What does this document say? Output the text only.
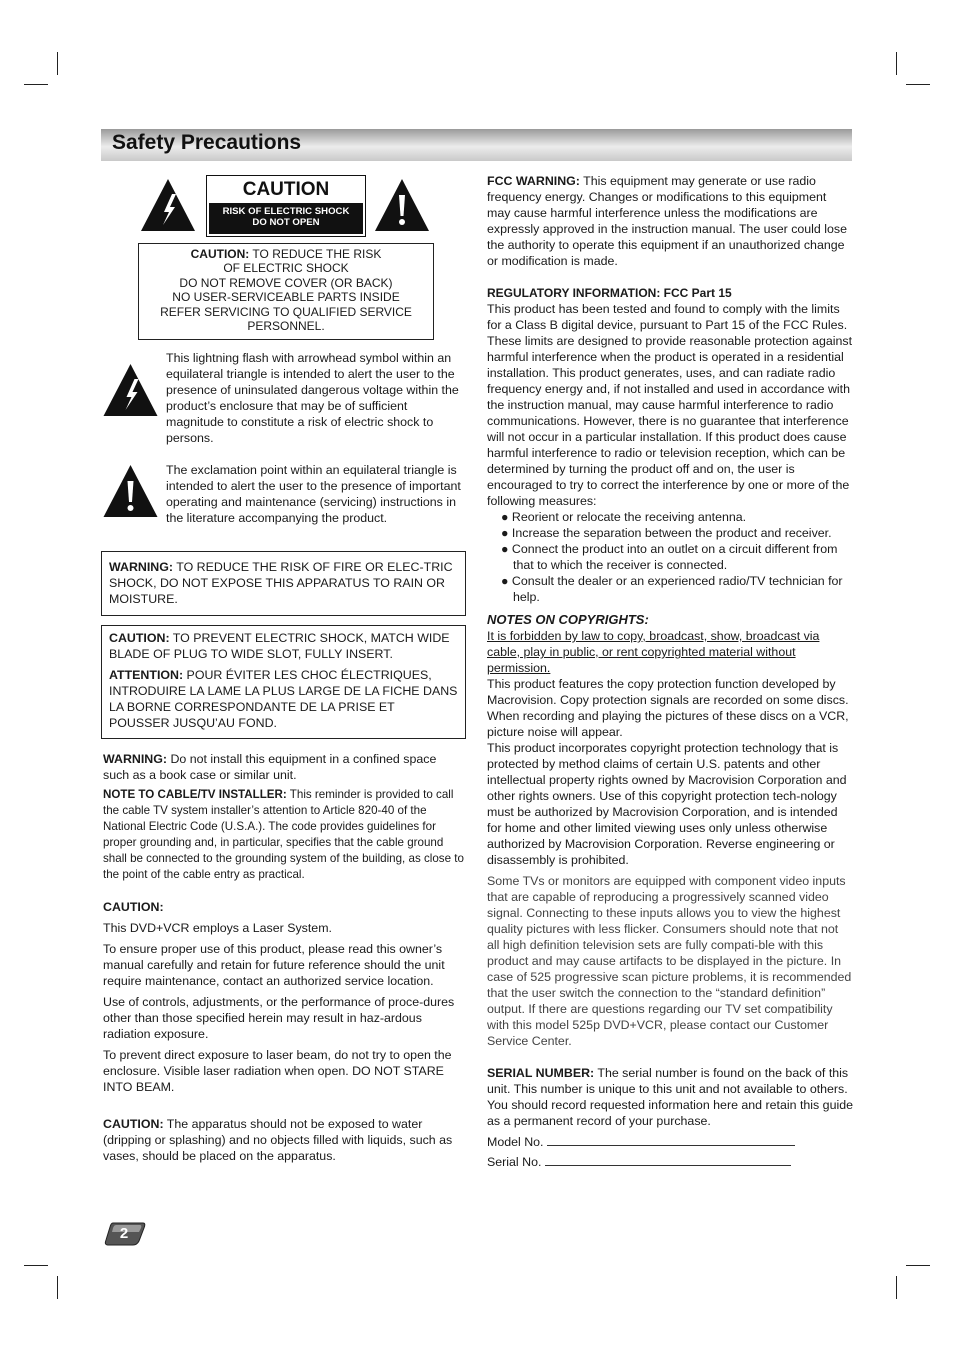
Safety Precautions
CAUTION
RISK OF ELECTRIC SHOCK
DO NOT OPEN
CAUTION: TO REDUCE THE RISK
OF ELECTRIC SHOCK
DO NOT REMOVE COVER (OR BACK)
NO USER-SERVICEABLE PARTS INSIDE
REFER SERVICING TO QUALIFIED SERVICE
PERSONNEL.

This lightning flash with arrowhead symbol within an equilateral triangle is intended to alert the user to the presence of uninsulated dangerous voltage within the product’s enclosure that may be of sufficient magnitude to constitute a risk of electric shock to persons.

The exclamation point within an equilateral triangle is intended to alert the user to the presence of important operating and maintenance (servicing) instructions in the literature accompanying the product.

WARNING: TO REDUCE THE RISK OF FIRE OR ELEC-TRIC SHOCK, DO NOT EXPOSE THIS APPARATUS TO RAIN OR MOISTURE.

CAUTION: TO PREVENT ELECTRIC SHOCK, MATCH WIDE BLADE OF PLUG TO WIDE SLOT, FULLY INSERT.

ATTENTION: POUR ÉVITER LES CHOC ÉLECTRIQUES, INTRODUIRE LA LAME LA PLUS LARGE DE LA FICHE DANS LA BORNE CORRESPONDANTE DE LA PRISE ET POUSSER JUSQU’AU FOND.

WARNING: Do not install this equipment in a confined space such as a book case or similar unit.

NOTE TO CABLE/TV INSTALLER: This reminder is provided to call the cable TV system installer’s attention to Article 820-40 of the National Electric Code (U.S.A.). The code provides guidelines for proper grounding and, in particular, specifies that the cable ground shall be connected to the grounding system of the building, as close to the point of the cable entry as practical.

CAUTION:

This DVD+VCR employs a Laser System.

To ensure proper use of this product, please read this owner’s manual carefully and retain for future reference should the unit require maintenance, contact an authorized service location.

Use of controls, adjustments, or the performance of proce-dures other than those specified herein may result in haz-ardous radiation exposure.

To prevent direct exposure to laser beam, do not try to open the enclosure. Visible laser radiation when open. DO NOT STARE INTO BEAM.

CAUTION: The apparatus should not be exposed to water (dripping or splashing) and no objects filled with liquids, such as vases, should be placed on the apparatus.

FCC WARNING: This equipment may generate or use radio frequency energy. Changes or modifications to this equipment may cause harmful interference unless the modifications are expressly approved in the instruction manual. The user could lose the authority to operate this equipment if an unauthorized change or modification is made.

REGULATORY INFORMATION: FCC Part 15

This product has been tested and found to comply with the limits for a Class B digital device, pursuant to Part 15 of the FCC Rules. These limits are designed to provide reasonable protection against harmful interference when the product is operated in a residential installation. This product generates, uses, and can radiate radio frequency energy and, if not installed and used in accordance with the instruction manual, may cause harmful interference to radio communications. However, there is no guarantee that interference will not occur in a particular installation. If this product does cause harmful interference to radio or television reception, which can be determined by turning the product off and on, the user is encouraged to try to correct the interference by one or more of the following measures:

● Reorient or relocate the receiving antenna.
● Increase the separation between the product and receiver.
● Connect the product into an outlet on a circuit different from that to which the receiver is connected.
● Consult the dealer or an experienced radio/TV technician for help.

NOTES ON COPYRIGHTS:

It is forbidden by law to copy, broadcast, show, broadcast via cable, play in public, or rent copyrighted material without permission.

This product features the copy protection function developed by Macrovision. Copy protection signals are recorded on some discs. When recording and playing the pictures of these discs on a VCR, picture noise will appear.

This product incorporates copyright protection technology that is protected by method claims of certain U.S. patents and other intellectual property rights owned by Macrovision Corporation and other rights owners. Use of this copyright protection tech-nology must be authorized by Macrovision Corporation, and is intended for home and other limited viewing uses only unless otherwise authorized by Macrovision Corporation. Reverse engineering or disassembly is prohibited.

Some TVs or monitors are equipped with component video inputs that are capable of reproducing a progressively scanned video signal. Connecting to these inputs allows you to view the highest quality pictures with less flicker. Consumers should note that not all high definition television sets are fully compati-ble with this product and may cause artifacts to be displayed in the picture. In case of 525 progressive scan picture problems, it is recommended that the user switch the connection to the “standard definition” output. If there are questions regarding our TV set compatibility with this model 525p DVD+VCR, please contact our Customer Service Center.

SERIAL NUMBER: The serial number is found on the back of this unit. This number is unique to this unit and not available to others. You should record requested information here and retain this guide as a permanent record of your purchase.

Model No.

Serial No.

2
